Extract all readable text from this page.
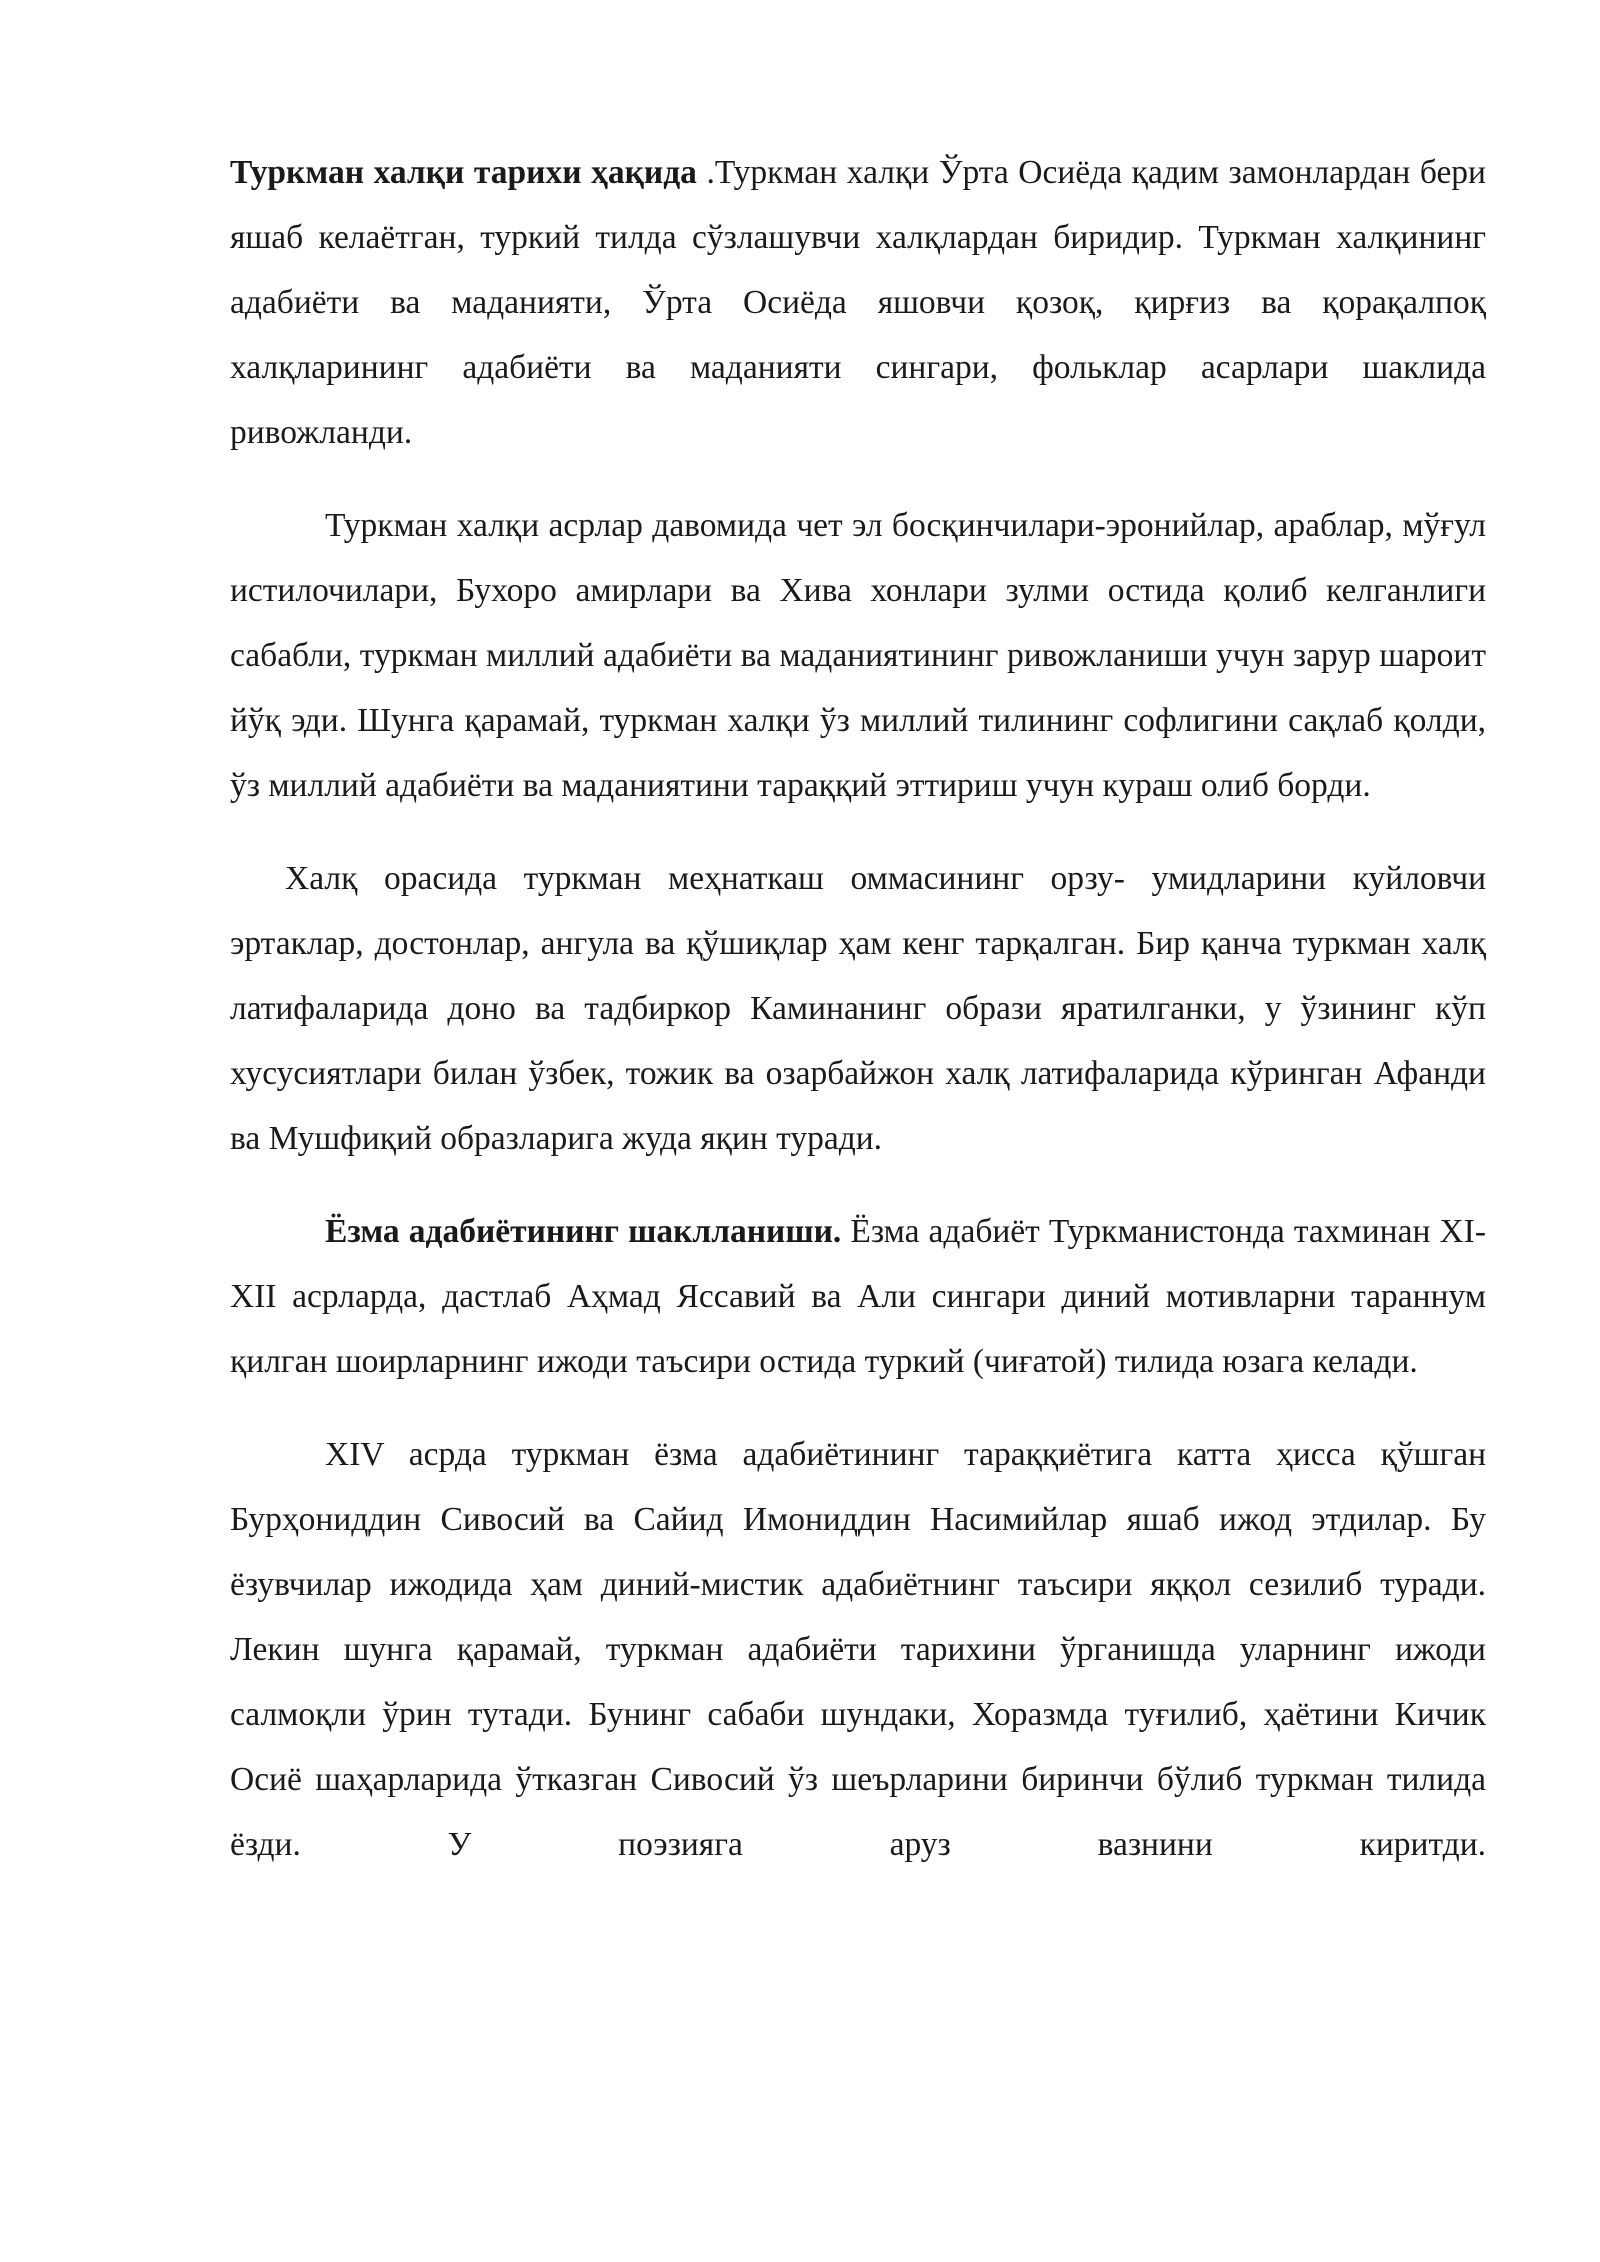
Туркман халқи тарихи ҳақида .Туркман халқи Ўрта Осиёда қадим замонлардан бери яшаб келаётган, туркий тилда сўзлашувчи халқлардан биридир. Туркман халқининг адабиёти ва маданияти, Ўрта Осиёда яшовчи қозоқ, қирғиз ва қорақалпоқ халқларининг адабиёти ва маданияти сингари, фольклар асарлари шаклида ривожланди.

Туркман халқи асрлар давомида чет эл босқинчилари-эронийлар, араблар, мўғул истилочилари, Бухоро амирлари ва Хива хонлари зулми остида қолиб келганлиги сабабли, туркман миллий адабиёти ва маданиятининг ривожланиши учун зарур шароит йўқ эди. Шунга қарамай, туркман халқи ўз миллий тилининг софлигини сақлаб қолди, ўз миллий адабиёти ва маданиятини тараққий эттириш учун кураш олиб борди.

Халқ орасида туркман меҳнаткаш оммасининг орзу- умидларини куйловчи эртаклар, достонлар, ангула ва қўшиқлар ҳам кенг тарқалган. Бир қанча туркман халқ латифаларида доно ва тадбиркор Каминанинг образи яратилганки, у ўзининг кўп хусусиятлари билан ўзбек, тожик ва озарбайжон халқ латифаларида кўринган Афанди ва Мушфиқий образларига жуда яқин туради.

Ёзма адабиётининг шаклланиши. Ёзма адабиёт Туркманистонда тахминан XI-XII асрларда, дастлаб Аҳмад Яссавий ва Али сингари диний мотивларни тараннум қилган шоирларнинг ижоди таъсири остида туркий (чиғатой) тилида юзага келади.

XIV асрда туркман ёзма адабиётининг тараққиётига катта ҳисса қўшган Бурҳониддин Сивосий ва Сайид Имониддин Насимийлар яшаб ижод этдилар. Бу ёзувчилар ижодида ҳам диний-мистик адабиётнинг таъсири яққол сезилиб туради. Лекин шунга қарамай, туркман адабиёти тарихини ўрганишда уларнинг ижоди салмоқли ўрин тутади. Бунинг сабаби шундаки, Хоразмда туғилиб, ҳаётини Кичик Осиё шаҳарларида ўтказган Сивосий ўз шеърларини биринчи бўлиб туркман тилида ёзди. У поэзияга аруз вазнини киритди.
